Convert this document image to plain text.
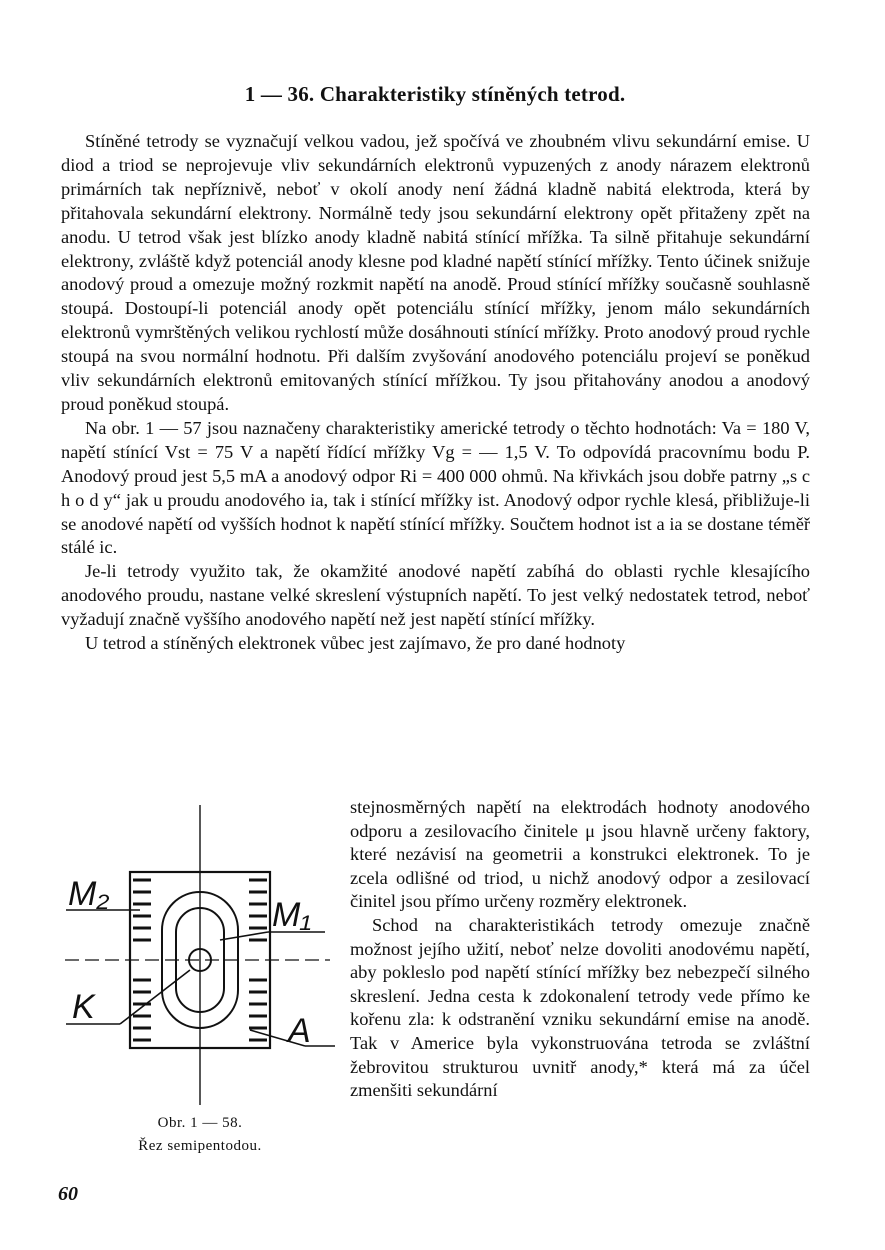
1 — 36. Charakteristiky stíněných tetrod.

Stíněné tetrody se vyznačují velkou vadou, jež spočívá ve zhoubném vlivu sekundární emise. U diod a triod se neprojevuje vliv sekundárních elektronů vypuzených z anody nárazem elektronů primárních tak nepříznivě, neboť v okolí anody není žádná kladně nabitá elektroda, která by přitahovala sekundární elektrony. Normálně tedy jsou sekundární elektrony opět přitaženy zpět na anodu. U tetrod však jest blízko anody kladně nabitá stínící mřížka. Ta silně přitahuje sekundární elektrony, zvláště když potenciál anody klesne pod kladné napětí stínící mřížky. Tento účinek snižuje anodový proud a omezuje možný rozkmit napětí na anodě. Proud stínící mřížky současně souhlasně stoupá. Dostoupí-li potenciál anody opět potenciálu stínící mřížky, jenom málo sekundárních elektronů vymrštěných velikou rychlostí může dosáhnouti stínící mřížky. Proto anodový proud rychle stoupá na svou normální hodnotu. Při dalším zvyšování anodového potenciálu projeví se poněkud vliv sekundárních elektronů emitovaných stínící mřížkou. Ty jsou přitahovány anodou a anodový proud poněkud stoupá.

Na obr. 1 — 57 jsou naznačeny charakteristiky americké tetrody o těchto hodnotách: Va = 180 V, napětí stínící Vst = 75 V a napětí řídící mřížky Vg = — 1,5 V. To odpovídá pracovnímu bodu P. Anodový proud jest 5,5 mA a anodový odpor Ri = 400 000 ohmů. Na křivkách jsou dobře patrny „s c h o d y“ jak u proudu anodového ia, tak i stínící mřížky ist. Anodový odpor rychle klesá, přibližuje-li se anodové napětí od vyšších hodnot k napětí stínící mřížky. Součtem hodnot ist a ia se dostane téměř stálé ic.

Je-li tetrody využito tak, že okamžité anodové napětí zabíhá do oblasti rychle klesajícího anodového proudu, nastane velké skreslení výstupních napětí. To jest velký nedostatek tetrod, neboť vyžadují značně vyššího anodového napětí než jest napětí stínící mřížky.

U tetrod a stíněných elektronek vůbec jest zajímavo, že pro dané hodnoty

M₂
M₁
K
A
Obr. 1 — 58.
Řez semipentodou.

stejnosměrných napětí na elektrodách hodnoty anodového odporu a zesilovacího činitele μ jsou hlavně určeny faktory, které nezávisí na geometrii a konstrukci elektronek. To je zcela odlišné od triod, u nichž anodový odpor a zesilovací činitel jsou přímo určeny rozměry elektronek.

Schod na charakteristikách tetrody omezuje značně možnost jejího užití, neboť nelze dovoliti anodovému napětí, aby pokleslo pod napětí stínící mřížky bez nebezpečí silného skreslení. Jedna cesta k zdokonalení tetrody vede přímo ke kořenu zla: k odstranění vzniku sekundární emise na anodě. Tak v Americe byla vykonstruována tetroda se zvláštní žebrovitou strukturou uvnitř anody,* která má za účel zmenšiti sekundární

60
